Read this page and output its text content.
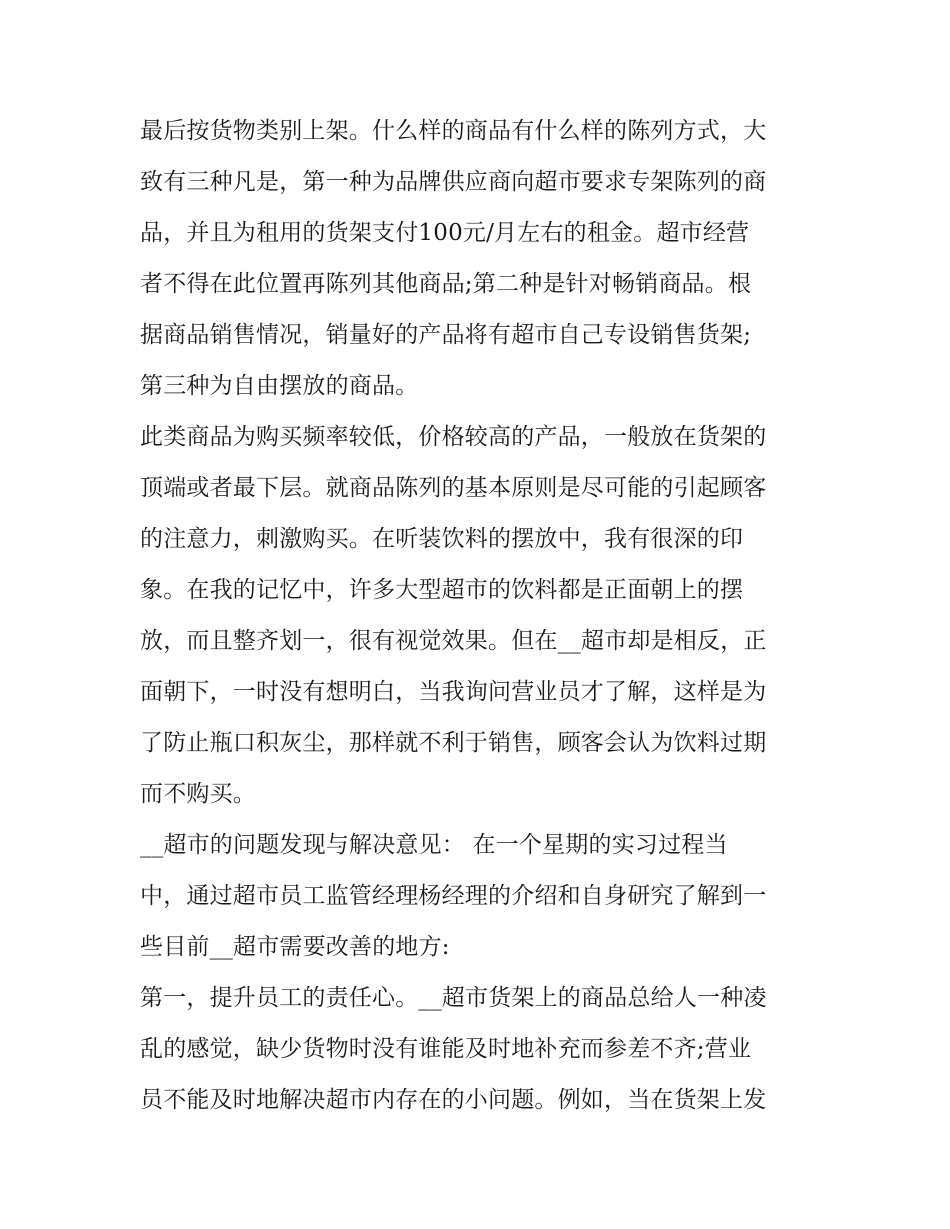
最后按货物类别上架。什么样的商品有什么样的陈列方式，大
致有三种凡是，第一种为品牌供应商向超市要求专架陈列的商
品，并且为租用的货架支付100元/月左右的租金。超市经营
者不得在此位置再陈列其他商品;第二种是针对畅销商品。根
据商品销售情况，销量好的产品将有超市自己专设销售货架;
第三种为自由摆放的商品。
此类商品为购买频率较低，价格较高的产品，一般放在货架的
顶端或者最下层。就商品陈列的基本原则是尽可能的引起顾客
的注意力，刺激购买。在听装饮料的摆放中，我有很深的印
象。在我的记忆中，许多大型超市的饮料都是正面朝上的摆
放，而且整齐划一，很有视觉效果。但在__超市却是相反，正
面朝下，一时没有想明白，当我询问营业员才了解，这样是为
了防止瓶口积灰尘，那样就不利于销售，顾客会认为饮料过期
而不购买。
__超市的问题发现与解决意见： 在一个星期的实习过程当
中，通过超市员工监管经理杨经理的介绍和自身研究了解到一
些目前__超市需要改善的地方:
第一，提升员工的责任心。__超市货架上的商品总给人一种凌
乱的感觉，缺少货物时没有谁能及时地补充而参差不齐;营业
员不能及时地解决超市内存在的小问题。例如，当在货架上发
